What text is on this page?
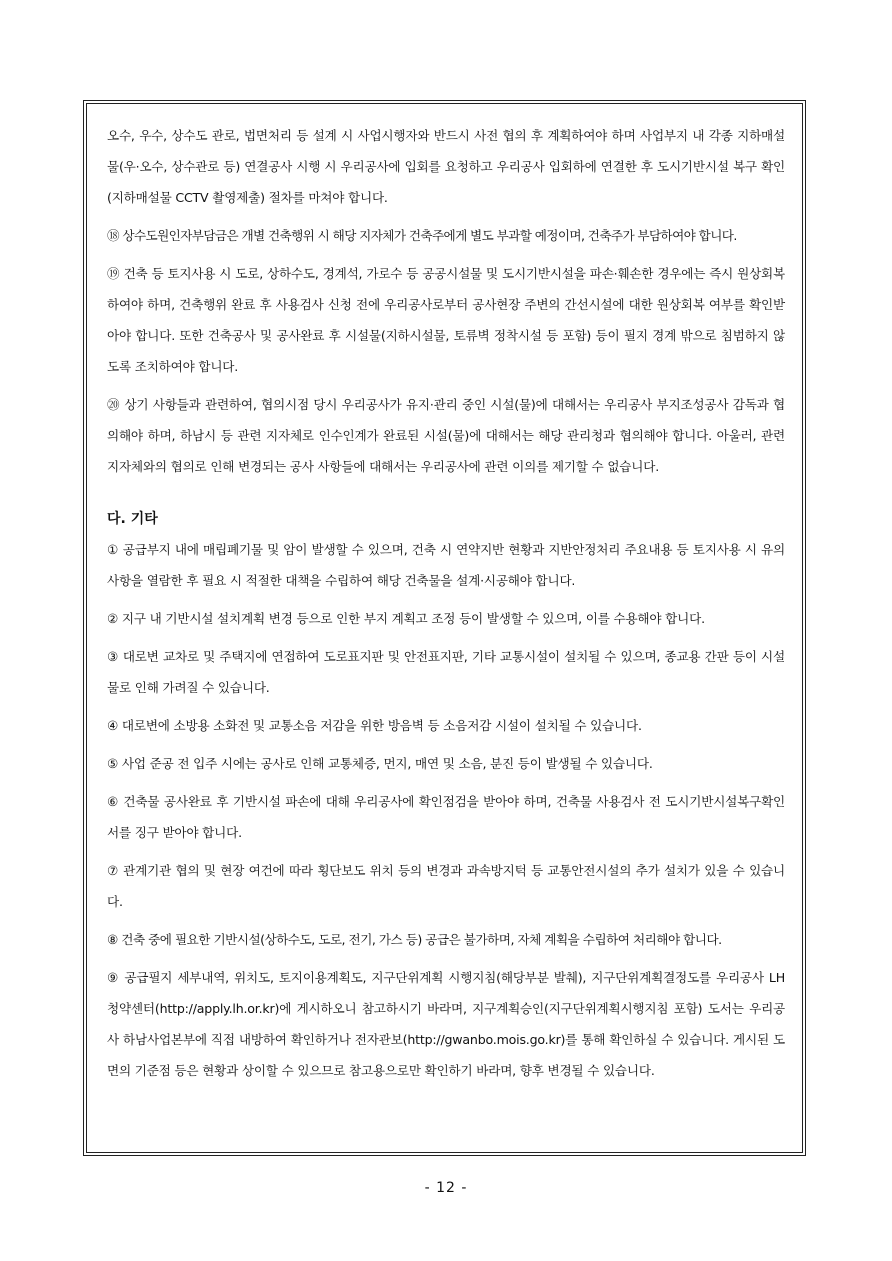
오수, 우수, 상수도 관로, 법면처리 등 설계 시 사업시행자와 반드시 사전 협의 후 계획하여야 하며 사업부지 내 각종 지하매설물(우·오수, 상수관로 등) 연결공사 시행 시 우리공사에 입회를 요청하고 우리공사 입회하에 연결한 후 도시기반시설 복구 확인(지하매설물 CCTV 촬영제출) 절차를 마쳐야 합니다.

⑱ 상수도원인자부담금은 개별 건축행위 시 해당 지자체가 건축주에게 별도 부과할 예정이며, 건축주가 부담하여야 합니다.

⑲ 건축 등 토지사용 시 도로, 상하수도, 경계석, 가로수 등 공공시설물 및 도시기반시설을 파손·훼손한 경우에는 즉시 원상회복 하여야 하며, 건축행위 완료 후 사용검사 신청 전에 우리공사로부터 공사현장 주변의 간선시설에 대한 원상회복 여부를 확인받아야 합니다. 또한 건축공사 및 공사완료 후 시설물(지하시설물, 토류벽 정착시설 등 포함) 등이 필지 경계 밖으로 침범하지 않도록 조치하여야 합니다.

⑳ 상기 사항들과 관련하여, 협의시점 당시 우리공사가 유지·관리 중인 시설(물)에 대해서는 우리공사 부지조성공사 감독과 협의해야 하며, 하남시 등 관련 지자체로 인수인계가 완료된 시설(물)에 대해서는 해당 관리청과 협의해야 합니다. 아울러, 관련 지자체와의 협의로 인해 변경되는 공사 사항들에 대해서는 우리공사에 관련 이의를 제기할 수 없습니다.

다. 기타

① 공급부지 내에 매립폐기물 및 암이 발생할 수 있으며, 건축 시 연약지반 현황과 지반안정처리 주요내용 등 토지사용 시 유의사항을 열람한 후 필요 시 적절한 대책을 수립하여 해당 건축물을 설계·시공해야 합니다.

② 지구 내 기반시설 설치계획 변경 등으로 인한 부지 계획고 조정 등이 발생할 수 있으며, 이를 수용해야 합니다.

③ 대로변 교차로 및 주택지에 연접하여 도로표지판 및 안전표지판, 기타 교통시설이 설치될 수 있으며, 종교용 간판 등이 시설물로 인해 가려질 수 있습니다.

④ 대로변에 소방용 소화전 및 교통소음 저감을 위한 방음벽 등 소음저감 시설이 설치될 수 있습니다.

⑤ 사업 준공 전 입주 시에는 공사로 인해 교통체증, 먼지, 매연 및 소음, 분진 등이 발생될 수 있습니다.

⑥ 건축물 공사완료 후 기반시설 파손에 대해 우리공사에 확인점검을 받아야 하며, 건축물 사용검사 전 도시기반시설복구확인서를 징구 받아야 합니다.

⑦ 관계기관 협의 및 현장 여건에 따라 횡단보도 위치 등의 변경과 과속방지턱 등 교통안전시설의 추가 설치가 있을 수 있습니다.

⑧ 건축 중에 필요한 기반시설(상하수도, 도로, 전기, 가스 등) 공급은 불가하며, 자체 계획을 수립하여 처리해야 합니다.

⑨ 공급필지 세부내역, 위치도, 토지이용계획도, 지구단위계획 시행지침(해당부분 발췌), 지구단위계획결정도를 우리공사 LH 청약센터(http://apply.lh.or.kr)에 게시하오니 참고하시기 바라며, 지구계획승인(지구단위계획시행지침 포함) 도서는 우리공사 하남사업본부에 직접 내방하여 확인하거나 전자관보(http://gwanbo.mois.go.kr)를 통해 확인하실 수 있습니다. 게시된 도면의 기준점 등은 현황과 상이할 수 있으므로 참고용으로만 확인하기 바라며, 향후 변경될 수 있습니다.

- 12 -
